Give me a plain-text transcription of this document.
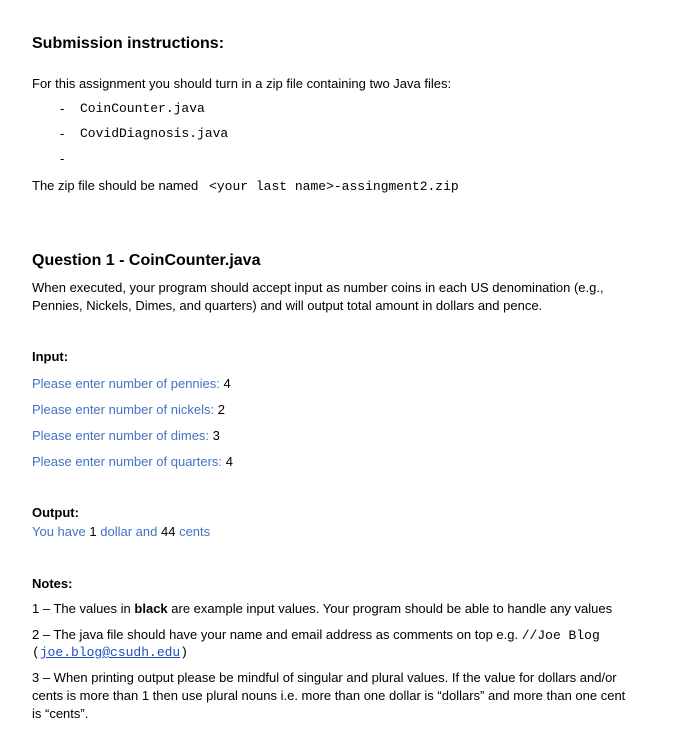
Submission instructions:
For this assignment you should turn in a zip file containing two Java files:
- CoinCounter.java
- CovidDiagnosis.java
-
The zip file should be named <your last name>-assingment2.zip
Question 1 - CoinCounter.java
When executed, your program should accept input as number coins in each US denomination (e.g.,
Pennies, Nickels, Dimes, and quarters) and will output total amount in dollars and pence.
Input:
Please enter number of pennies: 4
Please enter number of nickels: 2
Please enter number of dimes: 3
Please enter number of quarters: 4
Output:
You have 1 dollar and 44 cents
Notes:
1 – The values in black are example input values. Your program should be able to handle any values
2 – The java file should have your name and email address as comments on top e.g. //Joe Blog
(joe.blog@csudh.edu)
3 – When printing output please be mindful of singular and plural values. If the value for dollars and/or
cents is more than 1 then use plural nouns i.e. more than one dollar is “dollars” and more than one cent
is “cents”.
